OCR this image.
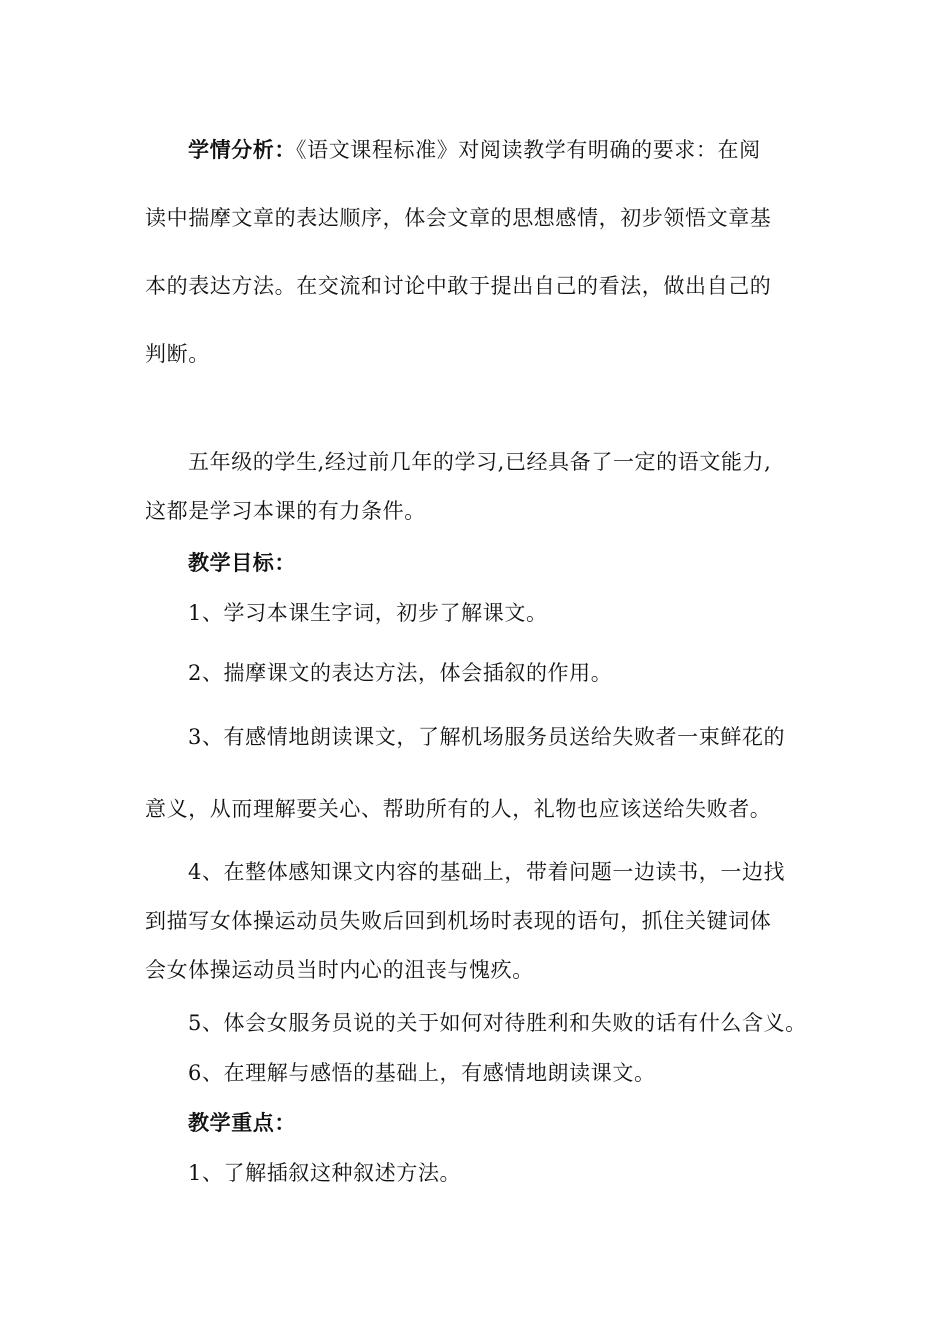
学情分析：《语文课程标准》对阅读教学有明确的要求：在阅
读中揣摩文章的表达顺序，体会文章的思想感情，初步领悟文章基
本的表达方法。在交流和讨论中敢于提出自己的看法，做出自己的
判断。
五年级的学生,经过前几年的学习,已经具备了一定的语文能力,
这都是学习本课的有力条件。
教学目标：
1、学习本课生字词，初步了解课文。
2、揣摩课文的表达方法，体会插叙的作用。
3、有感情地朗读课文，了解机场服务员送给失败者一束鲜花的
意义，从而理解要关心、帮助所有的人，礼物也应该送给失败者。
4、在整体感知课文内容的基础上，带着问题一边读书，一边找
到描写女体操运动员失败后回到机场时表现的语句，抓住关键词体
会女体操运动员当时内心的沮丧与愧疚。
5、体会女服务员说的关于如何对待胜利和失败的话有什么含义。
6、在理解与感悟的基础上，有感情地朗读课文。
教学重点：
1、了解插叙这种叙述方法。
